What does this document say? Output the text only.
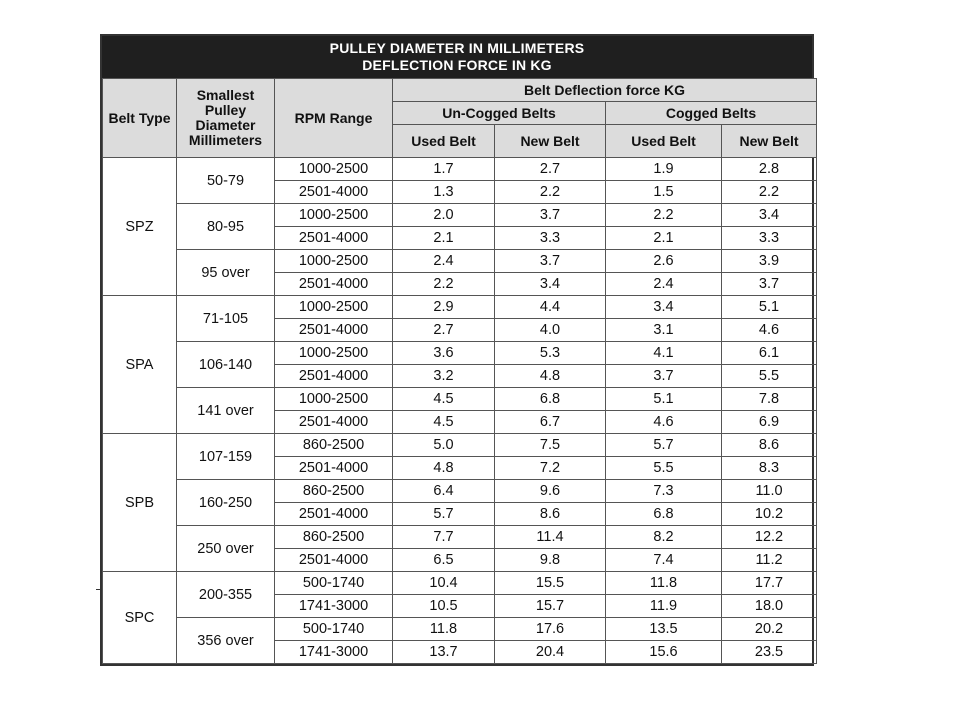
PULLEY DIAMETER IN MILLIMETERS
DEFLECTION FORCE IN KG
Belt Type	Smallest Pulley Diameter Millimeters	RPM Range	Belt Deflection force KG			
			Un-Cogged Belts		Cogged Belts	
			Used Belt	New Belt	Used Belt	New Belt
SPZ	50-79	1000-2500	1.7	2.7	1.9	2.8
		2501-4000	1.3	2.2	1.5	2.2
	80-95	1000-2500	2.0	3.7	2.2	3.4
		2501-4000	2.1	3.3	2.1	3.3
	95 over	1000-2500	2.4	3.7	2.6	3.9
		2501-4000	2.2	3.4	2.4	3.7
SPA	71-105	1000-2500	2.9	4.4	3.4	5.1
		2501-4000	2.7	4.0	3.1	4.6
	106-140	1000-2500	3.6	5.3	4.1	6.1
		2501-4000	3.2	4.8	3.7	5.5
	141 over	1000-2500	4.5	6.8	5.1	7.8
		2501-4000	4.5	6.7	4.6	6.9
SPB	107-159	860-2500	5.0	7.5	5.7	8.6
		2501-4000	4.8	7.2	5.5	8.3
	160-250	860-2500	6.4	9.6	7.3	11.0
		2501-4000	5.7	8.6	6.8	10.2
	250 over	860-2500	7.7	11.4	8.2	12.2
		2501-4000	6.5	9.8	7.4	11.2
SPC	200-355	500-1740	10.4	15.5	11.8	17.7
		1741-3000	10.5	15.7	11.9	18.0
	356 over	500-1740	11.8	17.6	13.5	20.2
		1741-3000	13.7	20.4	15.6	23.5
